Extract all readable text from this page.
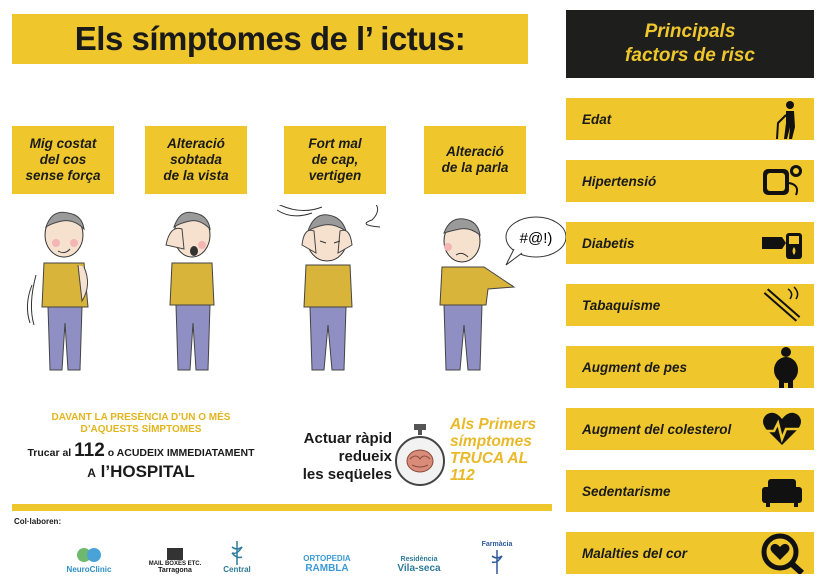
Els símptomes de l’ ictus:
Mig costat
del cos
sense força
Alteració
sobtada
de la vista
Fort mal
de cap,
vertigen
Alteració
de la parla
#@!)
DAVANT LA PRESÈNCIA D’UN O MÉS
D’AQUESTS SÍMPTOMES
Trucar al 112 o ACUDEIX IMMEDIATAMENT
A l’HOSPITAL
Actuar ràpid
redueix
les seqüeles
Als Primers
símptomes
TRUCA AL
112
Col·laboren:
NeuroClinic
MAIL BOXES ETC.
Tarragona	Central
ORTOPEDIA
RAMBLA
Residència
Vila-seca
Farmàcia
Principals
factors de risc
Edat
Hipertensió
Diabetis
Tabaquisme
Augment de pes
Augment del colesterol
Sedentarisme
Malalties del cor
